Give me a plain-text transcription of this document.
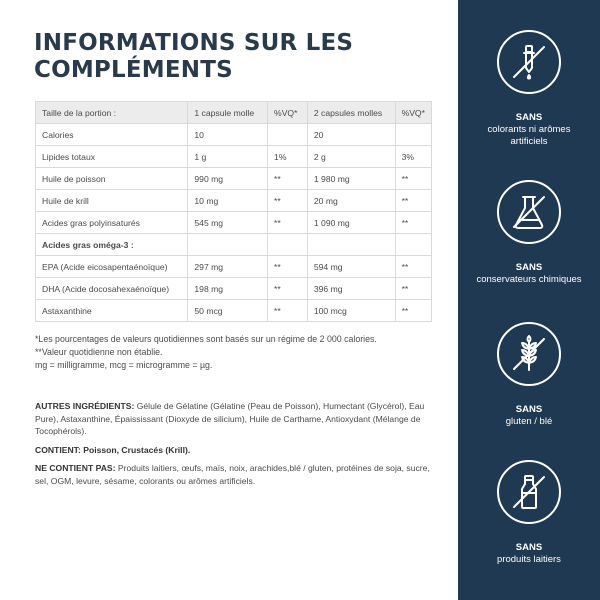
INFORMATIONS SUR LES
COMPLÉMENTS
Taille de la portion :	1 capsule molle	%VQ*	2 capsules molles	%VQ*
Calories	10		20	
Lipides totaux	1 g	1%	2 g	3%
Huile de poisson	990 mg	**	1 980 mg	**
Huile de krill	10 mg	**	20 mg	**
Acides gras polyinsaturés	545 mg	**	1 090 mg	**
Acides gras oméga-3 :				
EPA (Acide eicosapentaénoïque)	297 mg	**	594 mg	**
DHA (Acide docosahexaénoïque)	198 mg	**	396 mg	**
Astaxanthine	50 mcg	**	100 mcg	**
*Les pourcentages de valeurs quotidiennes sont basés sur un régime de 2 000 calories.
**Valeur quotidienne non établie.
mg = milligramme, mcg = microgramme = µg.

AUTRES INGRÉDIENTS: Gélule de Gélatine (Gélatine (Peau de Poisson), Humectant (Glycérol), Eau Pure), Astaxanthine, Épaississant (Dioxyde de silicium), Huile de Carthame, Antioxydant (Mélange de Tocophérols).

CONTIENT: Poisson, Crustacés (Krill).

NE CONTIENT PAS: Produits laitiers, œufs, maïs, noix, arachides,blé / gluten, protéines de soja, sucre, sel, OGM, levure, sésame, colorants ou arômes artificiels.

SANS
colorants ni arômes artificiels
SANS
conservateurs chimiques
SANS
gluten / blé
SANS
produits laitiers
